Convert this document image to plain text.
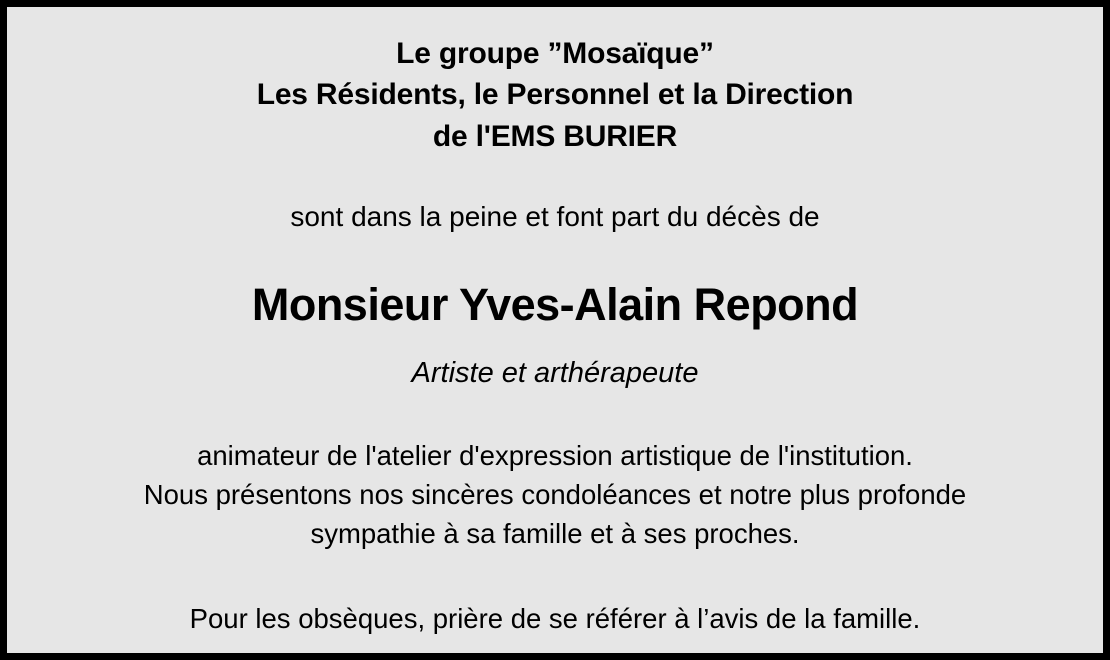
Le groupe ”Mosaïque”
Les Résidents, le Personnel et la Direction
de l'EMS BURIER
sont dans la peine et font part du décès de
Monsieur Yves-Alain Repond
Artiste et arthérapeute
animateur de l'atelier d'expression artistique de l'institution.
Nous présentons nos sincères condoléances et notre plus profonde
sympathie à sa famille et à ses proches.
Pour les obsèques, prière de se référer à l’avis de la famille.
